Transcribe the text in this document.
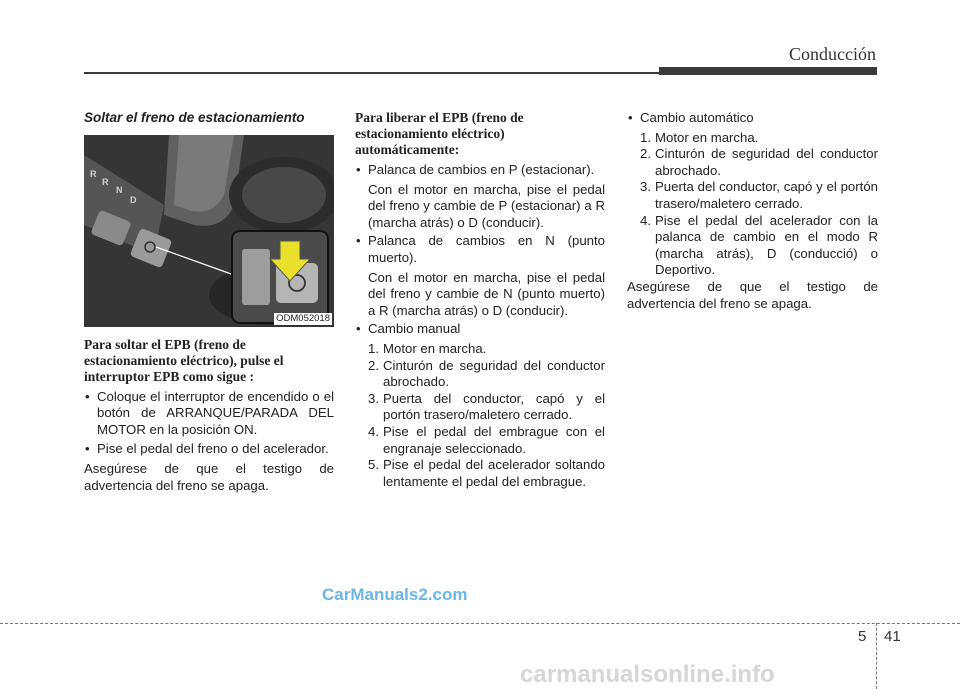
Conducción
Soltar el freno de estacionamiento
R
R
N
D
ODM052018
Para soltar el EPB (freno de estacionamiento eléctrico), pulse el interruptor EPB como sigue :
• Coloque el interruptor de encendido o el botón de ARRANQUE/PARADA DEL MOTOR en la posición ON.
• Pise el pedal del freno o del acelerador.

Asegúrese de que el testigo de advertencia del freno se apaga.

Para liberar el EPB (freno de estacionamiento eléctrico) automáticamente:
• Palanca de cambios en P (estacionar).
Con el motor en marcha, pise el pedal del freno y cambie de P (estacionar) a R (marcha atrás) o D (conducir).
• Palanca de cambios en N (punto muerto).
Con el motor en marcha, pise el pedal del freno y cambie de N (punto muerto) a R (marcha atrás) o D (conducir).
• Cambio manual
1. Motor en marcha.
2. Cinturón de seguridad del conductor abrochado.
3. Puerta del conductor, capó y el portón trasero/maletero cerrado.
4. Pise el pedal del embrague con el engranaje seleccionado.
5. Pise el pedal del acelerador soltando lentamente el pedal del embrague.
• Cambio automático
1. Motor en marcha.
2. Cinturón de seguridad del conductor abrochado.
3. Puerta del conductor, capó y el portón trasero/maletero cerrado.
4. Pise el pedal del acelerador con la palanca de cambio en el modo R (marcha atrás), D (conducció) o Deportivo.

Asegúrese de que el testigo de advertencia del freno se apaga.

CarManuals2.com
5 41
carmanualsonline.info
